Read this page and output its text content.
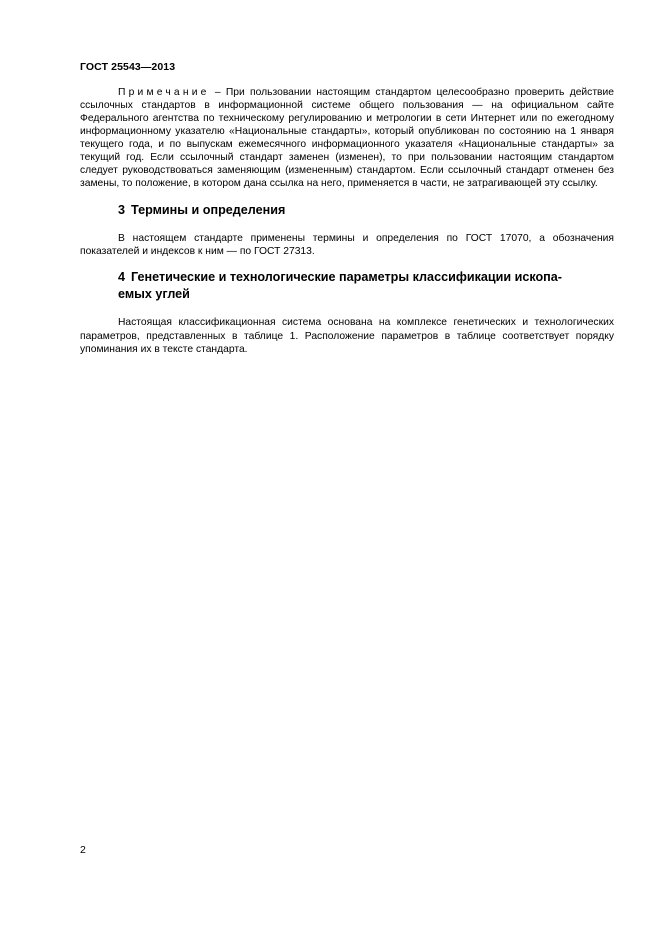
ГОСТ 25543—2013

Примечание – При пользовании настоящим стандартом целесообразно проверить действие ссылочных стандартов в информационной системе общего пользования — на официальном сайте Федерального агентства по техническому регулированию и метрологии в сети Интернет или по ежегодному информационному указателю «Национальные стандарты», который опубликован по состоянию на 1 января текущего года, и по выпускам ежемесячного информационного указателя «Национальные стандарты» за текущий год. Если ссылочный стандарт заменен (изменен), то при пользовании настоящим стандартом следует руководствоваться заменяющим (измененным) стандартом. Если ссылочный стандарт отменен без замены, то положение, в котором дана ссылка на него, применяется в части, не затрагивающей эту ссылку.

3 Термины и определения

В настоящем стандарте применены термины и определения по ГОСТ 17070, а обозначения показателей и индексов к ним — по ГОСТ 27313.

4 Генетические и технологические параметры классификации ископа-
емых углей

Настоящая классификационная система основана на комплексе генетических и технологических параметров, представленных в таблице 1. Расположение параметров в таблице соответствует порядку упоминания их в тексте стандарта.

2
